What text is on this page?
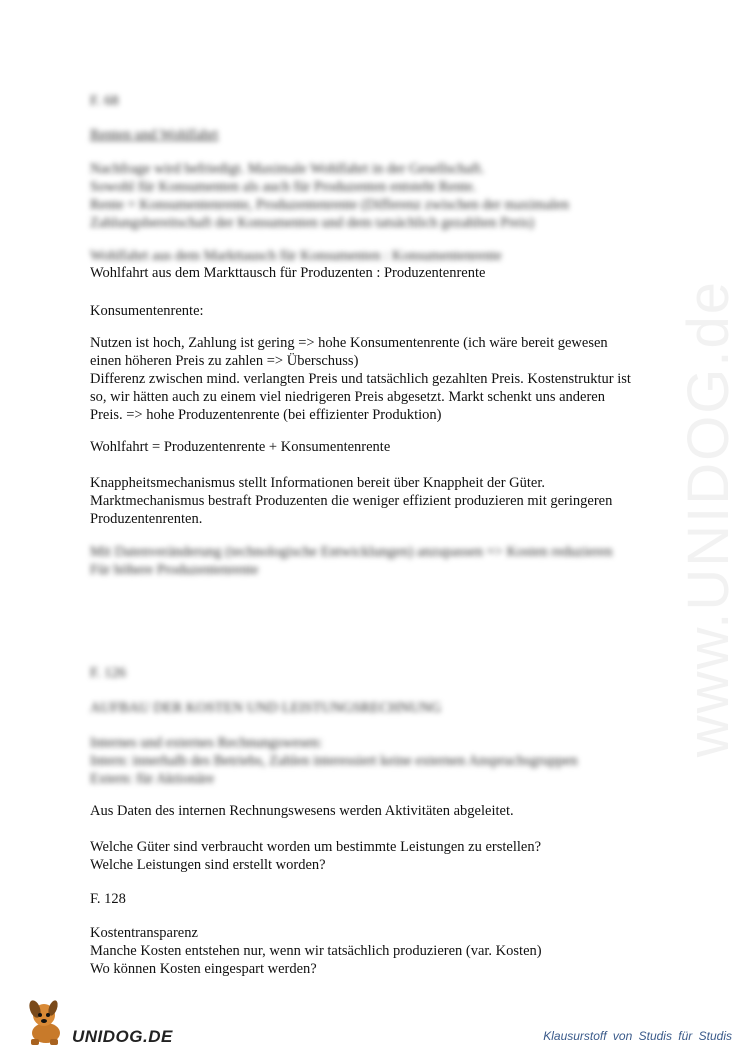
www.UNIDOG.de

F. 68

Renten und Wohlfahrt

Nachfrage wird befriedigt. Maximale Wohlfahrt in der Gesellschaft.
Sowohl für Konsumenten als auch für Produzenten entsteht Rente.
Rente = Konsumentenrente, Produzentenrente (Differenz zwischen der maximalen
Zahlungsbereitschaft der Konsumenten und dem tatsächlich gezahlten Preis)

Wohlfahrt aus dem Markttausch für Konsumenten : Konsumentenrente

Wohlfahrt aus dem Markttausch für Produzenten : Produzentenrente

Konsumentenrente:

Nutzen ist hoch, Zahlung ist gering => hohe Konsumentenrente (ich wäre bereit gewesen
einen höheren Preis zu zahlen => Überschuss)
Differenz zwischen mind. verlangten Preis und tatsächlich gezahlten Preis. Kostenstruktur ist
so, wir hätten auch zu einem viel niedrigeren Preis abgesetzt. Markt schenkt uns anderen
Preis. => hohe Produzentenrente (bei effizienter Produktion)

Wohlfahrt = Produzentenrente + Konsumentenrente

Knappheitsmechanismus stellt Informationen bereit über Knappheit der Güter.
Marktmechanismus bestraft Produzenten die weniger effizient produzieren mit geringeren
Produzentenrenten.

Mit Datenveränderung (technologische Entwicklungen) anzupassen => Kosten reduzieren
Für höhere Produzentenrente

F. 126

AUFBAU DER KOSTEN UND LEISTUNGSRECHNUNG

Internes und externes Rechnungswesen:
Intern: innerhalb des Betriebs, Zahlen interessiert keine externen Anspruchsgruppen
Extern: für Aktionäre

Aus Daten des internen Rechnungswesens werden Aktivitäten abgeleitet.

Welche Güter sind verbraucht worden um bestimmte Leistungen zu erstellen?
Welche Leistungen sind erstellt worden?

F. 128

Kostentransparenz
Manche Kosten entstehen nur, wenn wir tatsächlich produzieren (var. Kosten)
Wo können Kosten eingespart werden?

UNIDOG.DE	Klausurstoff von Studis für Studis
